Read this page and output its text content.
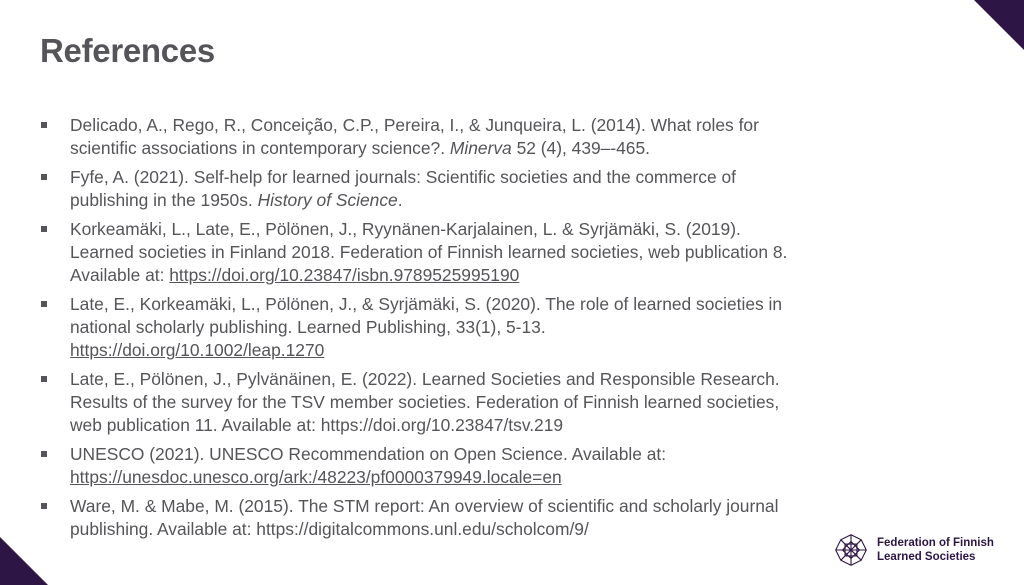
References
Delicado, A., Rego, R., Conceição, C.P., Pereira, I., & Junqueira, L. (2014). What roles for scientific associations in contemporary science?. Minerva 52 (4), 439–-465.
Fyfe, A. (2021). Self-help for learned journals: Scientific societies and the commerce of publishing in the 1950s. History of Science.
Korkeamäki, L., Late, E., Pölönen, J., Ryynänen-Karjalainen, L. & Syrjämäki, S. (2019). Learned societies in Finland 2018. Federation of Finnish learned societies, web publication 8. Available at: https://doi.org/10.23847/isbn.9789525995190
Late, E., Korkeamäki, L., Pölönen, J., & Syrjämäki, S. (2020). The role of learned societies in national scholarly publishing. Learned Publishing, 33(1), 5-13. https://doi.org/10.1002/leap.1270
Late, E., Pölönen, J., Pylvänäinen, E. (2022). Learned Societies and Responsible Research. Results of the survey for the TSV member societies. Federation of Finnish learned societies, web publication 11. Available at: https://doi.org/10.23847/tsv.219
UNESCO (2021). UNESCO Recommendation on Open Science. Available at: https://unesdoc.unesco.org/ark:/48223/pf0000379949.locale=en
Ware, M. & Mabe, M. (2015). The STM report: An overview of scientific and scholarly journal publishing. Available at: https://digitalcommons.unl.edu/scholcom/9/
Federation of Finnish
Learned Societies
